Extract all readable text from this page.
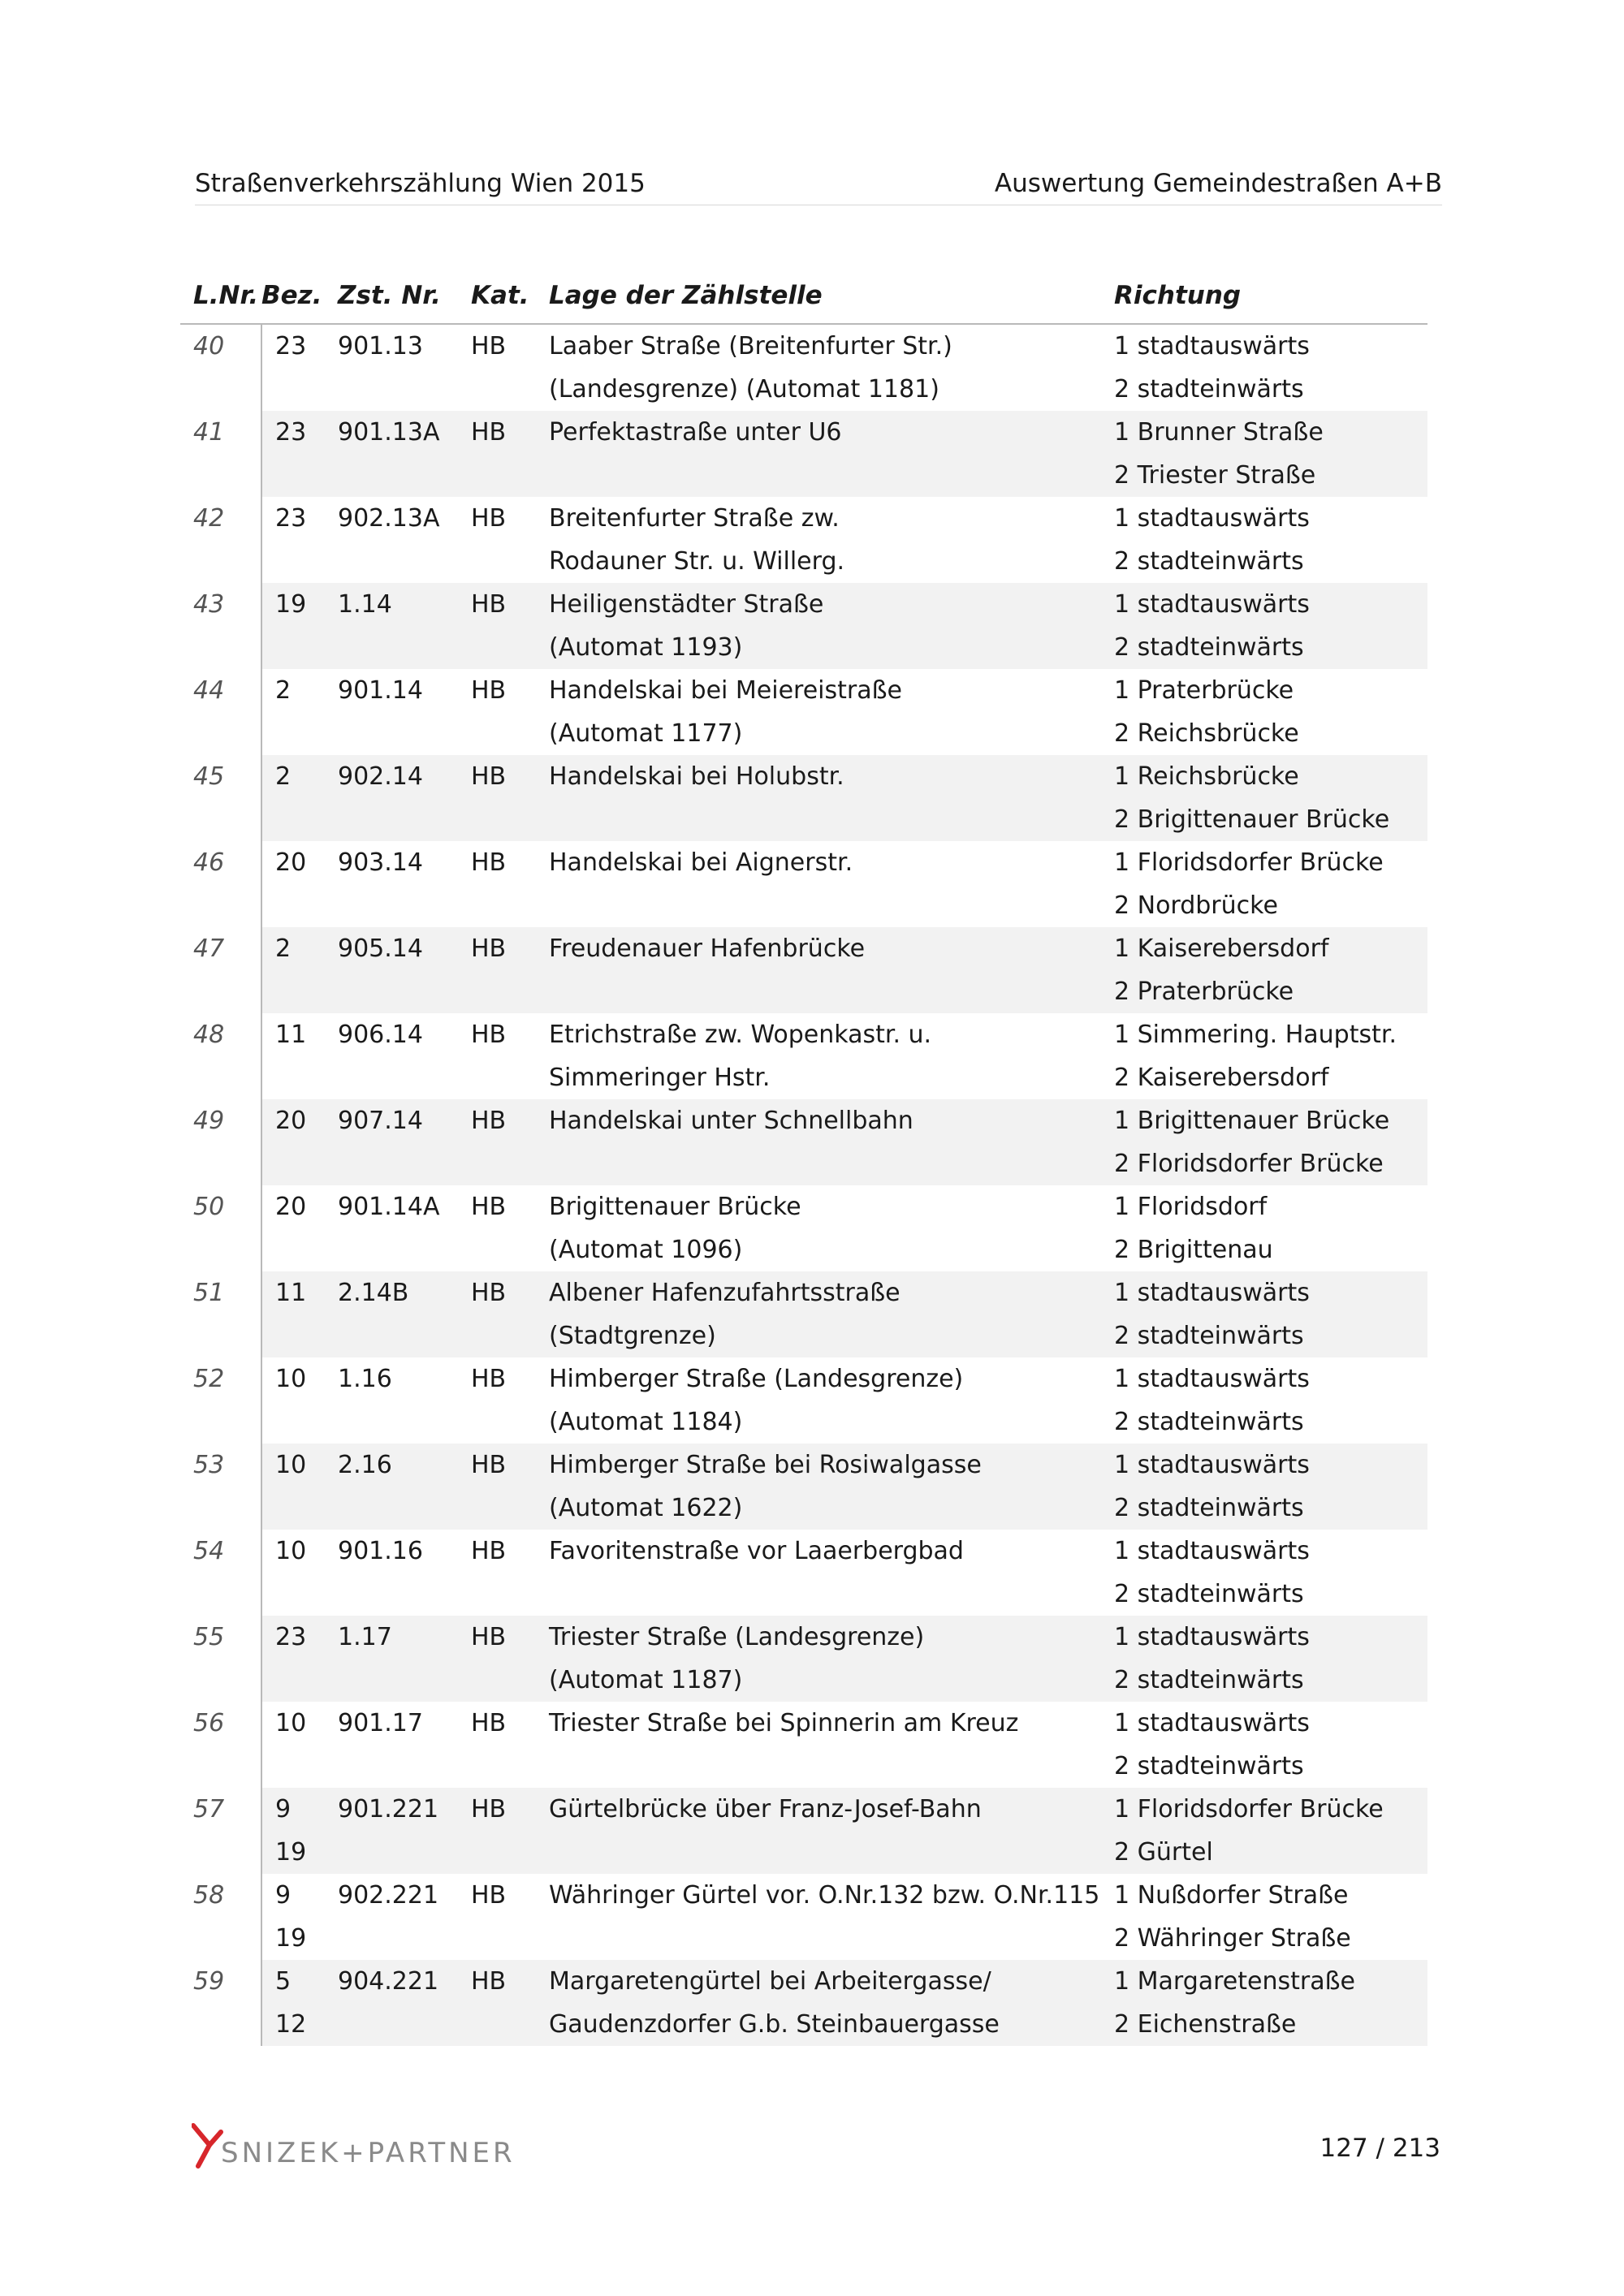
Straßenverkehrszählung Wien 2015	Auswertung Gemeindestraßen A+B
L.Nr.	Bez.	Zst. Nr.	Kat.	Lage der Zählstelle	Richtung
40	23	901.13	HB	Laaber Straße (Breitenfurter Str.)	1 stadtauswärts
				(Landesgrenze) (Automat 1181)	2 stadteinwärts
41	23	901.13A	HB	Perfektastraße unter U6	1 Brunner Straße
					2 Triester Straße
42	23	902.13A	HB	Breitenfurter Straße zw.	1 stadtauswärts
				Rodauner Str. u. Willerg.	2 stadteinwärts
43	19	1.14	HB	Heiligenstädter Straße	1 stadtauswärts
				(Automat 1193)	2 stadteinwärts
44	2	901.14	HB	Handelskai bei Meiereistraße	1 Praterbrücke
				(Automat 1177)	2 Reichsbrücke
45	2	902.14	HB	Handelskai bei Holubstr.	1 Reichsbrücke
					2 Brigittenauer Brücke
46	20	903.14	HB	Handelskai bei Aignerstr.	1 Floridsdorfer Brücke
					2 Nordbrücke
47	2	905.14	HB	Freudenauer Hafenbrücke	1 Kaiserebersdorf
					2 Praterbrücke
48	11	906.14	HB	Etrichstraße zw. Wopenkastr. u.	1 Simmering. Hauptstr.
				Simmeringer Hstr.	2 Kaiserebersdorf
49	20	907.14	HB	Handelskai unter Schnellbahn	1 Brigittenauer Brücke
					2 Floridsdorfer Brücke
50	20	901.14A	HB	Brigittenauer Brücke	1 Floridsdorf
				(Automat 1096)	2 Brigittenau
51	11	2.14B	HB	Albener Hafenzufahrtsstraße	1 stadtauswärts
				(Stadtgrenze)	2 stadteinwärts
52	10	1.16	HB	Himberger Straße (Landesgrenze)	1 stadtauswärts
				(Automat 1184)	2 stadteinwärts
53	10	2.16	HB	Himberger Straße bei Rosiwalgasse	1 stadtauswärts
				(Automat 1622)	2 stadteinwärts
54	10	901.16	HB	Favoritenstraße vor Laaerbergbad	1 stadtauswärts
					2 stadteinwärts
55	23	1.17	HB	Triester Straße (Landesgrenze)	1 stadtauswärts
				(Automat 1187)	2 stadteinwärts
56	10	901.17	HB	Triester Straße bei Spinnerin am Kreuz	1 stadtauswärts
					2 stadteinwärts
57	9	901.221	HB	Gürtelbrücke über Franz-Josef-Bahn	1 Floridsdorfer Brücke
	19				2 Gürtel
58	9	902.221	HB	Währinger Gürtel vor. O.Nr.132 bzw. O.Nr.115	1 Nußdorfer Straße
	19				2 Währinger Straße
59	5	904.221	HB	Margaretengürtel bei Arbeitergasse/	1 Margaretenstraße
	12			Gaudenzdorfer G.b. Steinbauergasse	2 Eichenstraße
SNIZEK+PARTNER	127 / 213
